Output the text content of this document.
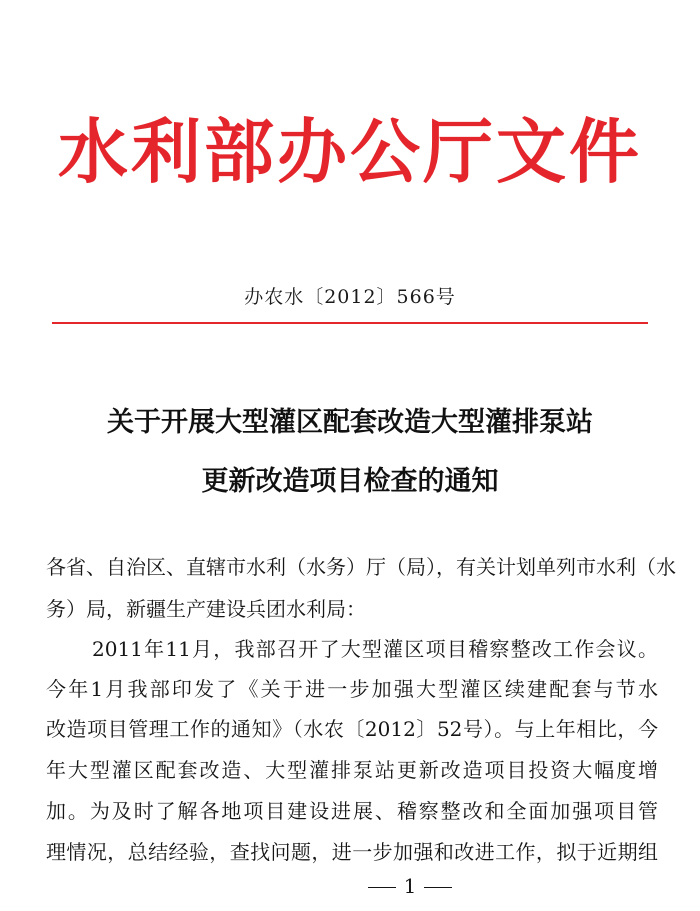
水利部办公厅文件
办农水〔2012〕566号
关于开展大型灌区配套改造大型灌排泵站
更新改造项目检查的通知
各省、自治区、直辖市水利（水务）厅（局），有关计划单列市水利（水
务）局，新疆生产建设兵团水利局：
2011年11月，我部召开了大型灌区项目稽察整改工作会议。
今年1月我部印发了《关于进一步加强大型灌区续建配套与节水
改造项目管理工作的通知》（水农〔2012〕52号）。与上年相比，今
年大型灌区配套改造、大型灌排泵站更新改造项目投资大幅度增
加。为及时了解各地项目建设进展、稽察整改和全面加强项目管
理情况，总结经验，查找问题，进一步加强和改进工作，拟于近期组
1
